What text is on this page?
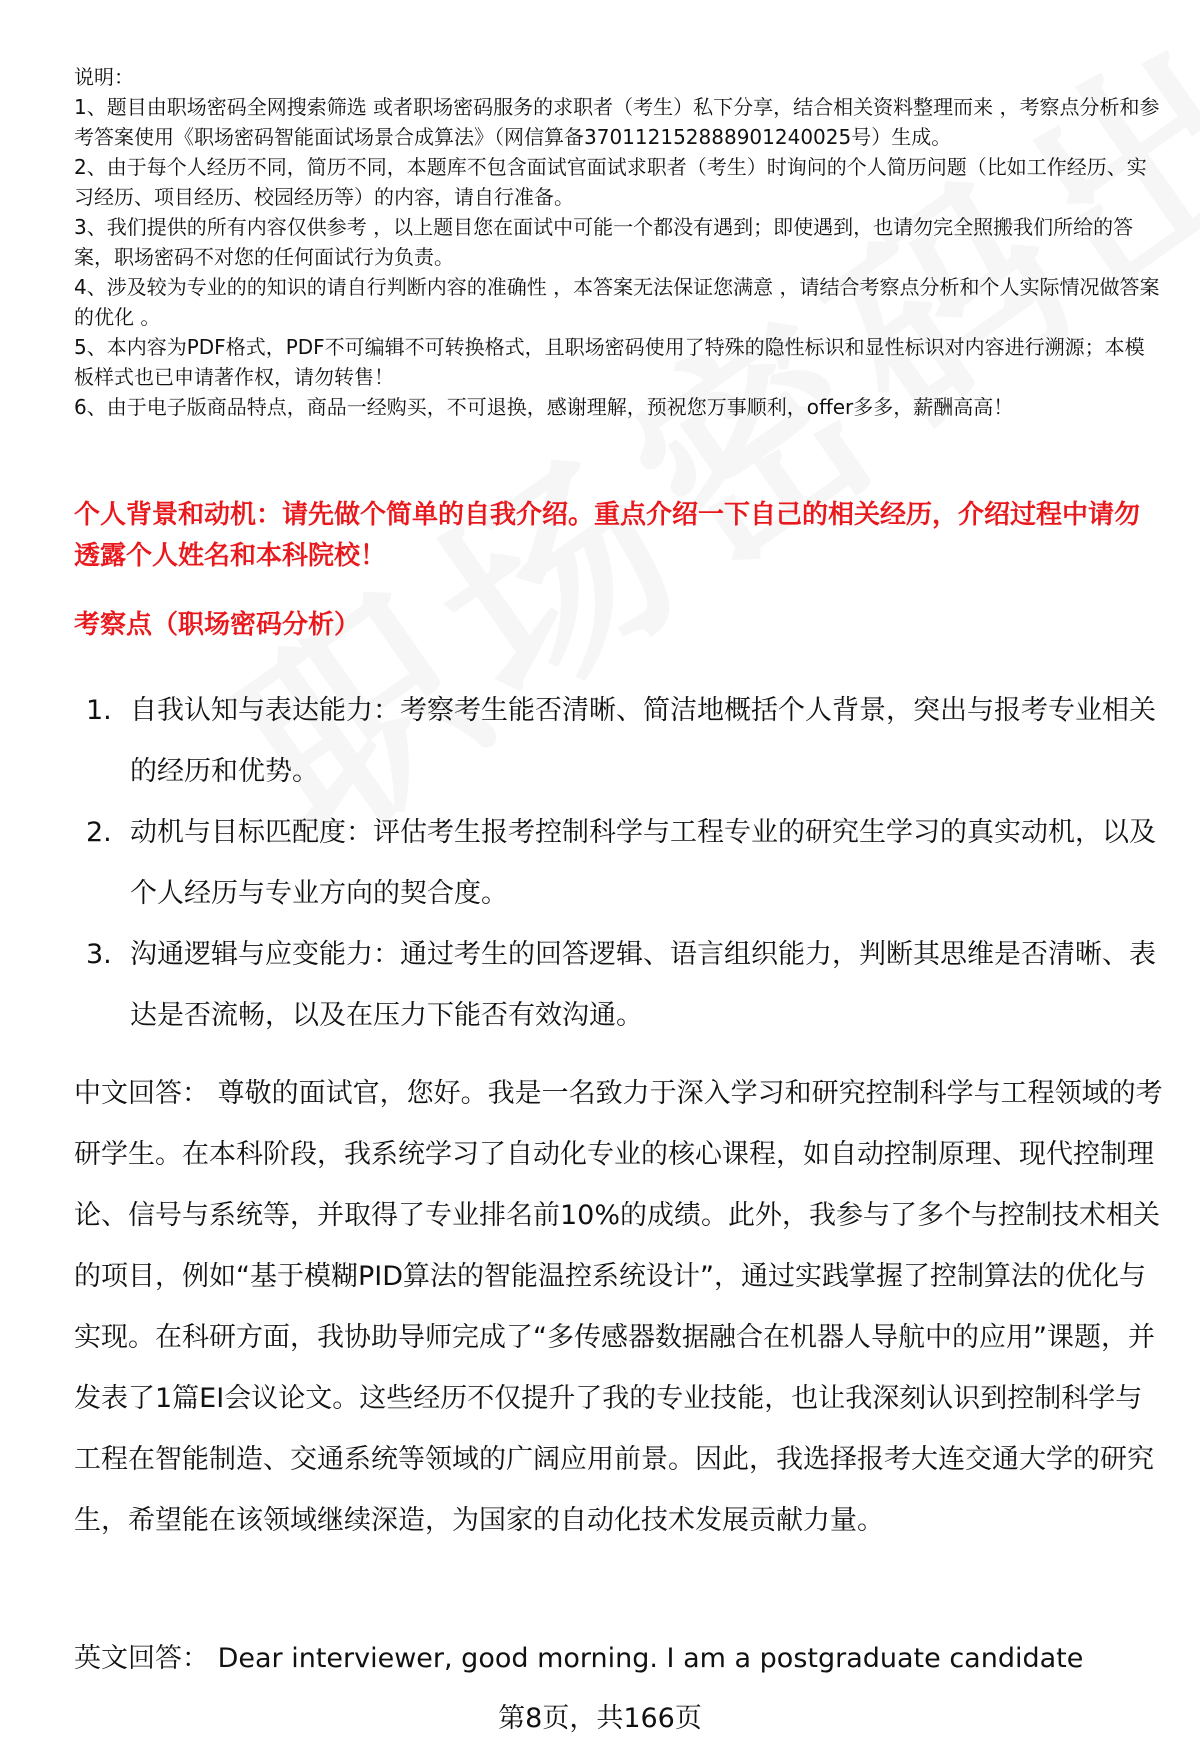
说明：

1、题目由职场密码全网搜索筛选 或者职场密码服务的求职者（考生）私下分享，结合相关资料整理而来 ，考察点分析和参考答案使用《职场密码智能面试场景合成算法》（网信算备370112152888901240025号）生成。

2、由于每个人经历不同，简历不同，本题库不包含面试官面试求职者（考生）时询问的个人简历问题（比如工作经历、实习经历、项目经历、校园经历等）的内容，请自行准备。

3、我们提供的所有内容仅供参考 ，以上题目您在面试中可能一个都没有遇到；即使遇到，也请勿完全照搬我们所给的答案，职场密码不对您的任何面试行为负责。

4、涉及较为专业的的知识的请自行判断内容的准确性 ，本答案无法保证您满意 ，请结合考察点分析和个人实际情况做答案的优化 。

5、本内容为PDF格式，PDF不可编辑不可转换格式，且职场密码使用了特殊的隐性标识和显性标识对内容进行溯源；本模板样式也已申请著作权，请勿转售！

6、由于电子版商品特点，商品一经购买，不可退换，感谢理解，预祝您万事顺利，offer多多，薪酬高高！

个人背景和动机：请先做个简单的自我介绍。重点介绍一下自己的相关经历，介绍过程中请勿透露个人姓名和本科院校！
考察点（职场密码分析）
1. 自我认知与表达能力：考察考生能否清晰、简洁地概括个人背景，突出与报考专业相关的经历和优势。
2. 动机与目标匹配度：评估考生报考控制科学与工程专业的研究生学习的真实动机，以及个人经历与专业方向的契合度。
3. 沟通逻辑与应变能力：通过考生的回答逻辑、语言组织能力，判断其思维是否清晰、表达是否流畅，以及在压力下能否有效沟通。

中文回答： 尊敬的面试官，您好。我是一名致力于深入学习和研究控制科学与工程领域的考研学生。在本科阶段，我系统学习了自动化专业的核心课程，如自动控制原理、现代控制理论、信号与系统等，并取得了专业排名前10%的成绩。此外，我参与了多个与控制技术相关的项目，例如“基于模糊PID算法的智能温控系统设计”，通过实践掌握了控制算法的优化与实现。在科研方面，我协助导师完成了“多传感器数据融合在机器人导航中的应用”课题，并发表了1篇EI会议论文。这些经历不仅提升了我的专业技能，也让我深刻认识到控制科学与工程在智能制造、交通系统等领域的广阔应用前景。因此，我选择报考大连交通大学的研究生，希望能在该领域继续深造，为国家的自动化技术发展贡献力量。

英文回答： Dear interviewer, good morning. I am a postgraduate candidate

第8页，共166页
